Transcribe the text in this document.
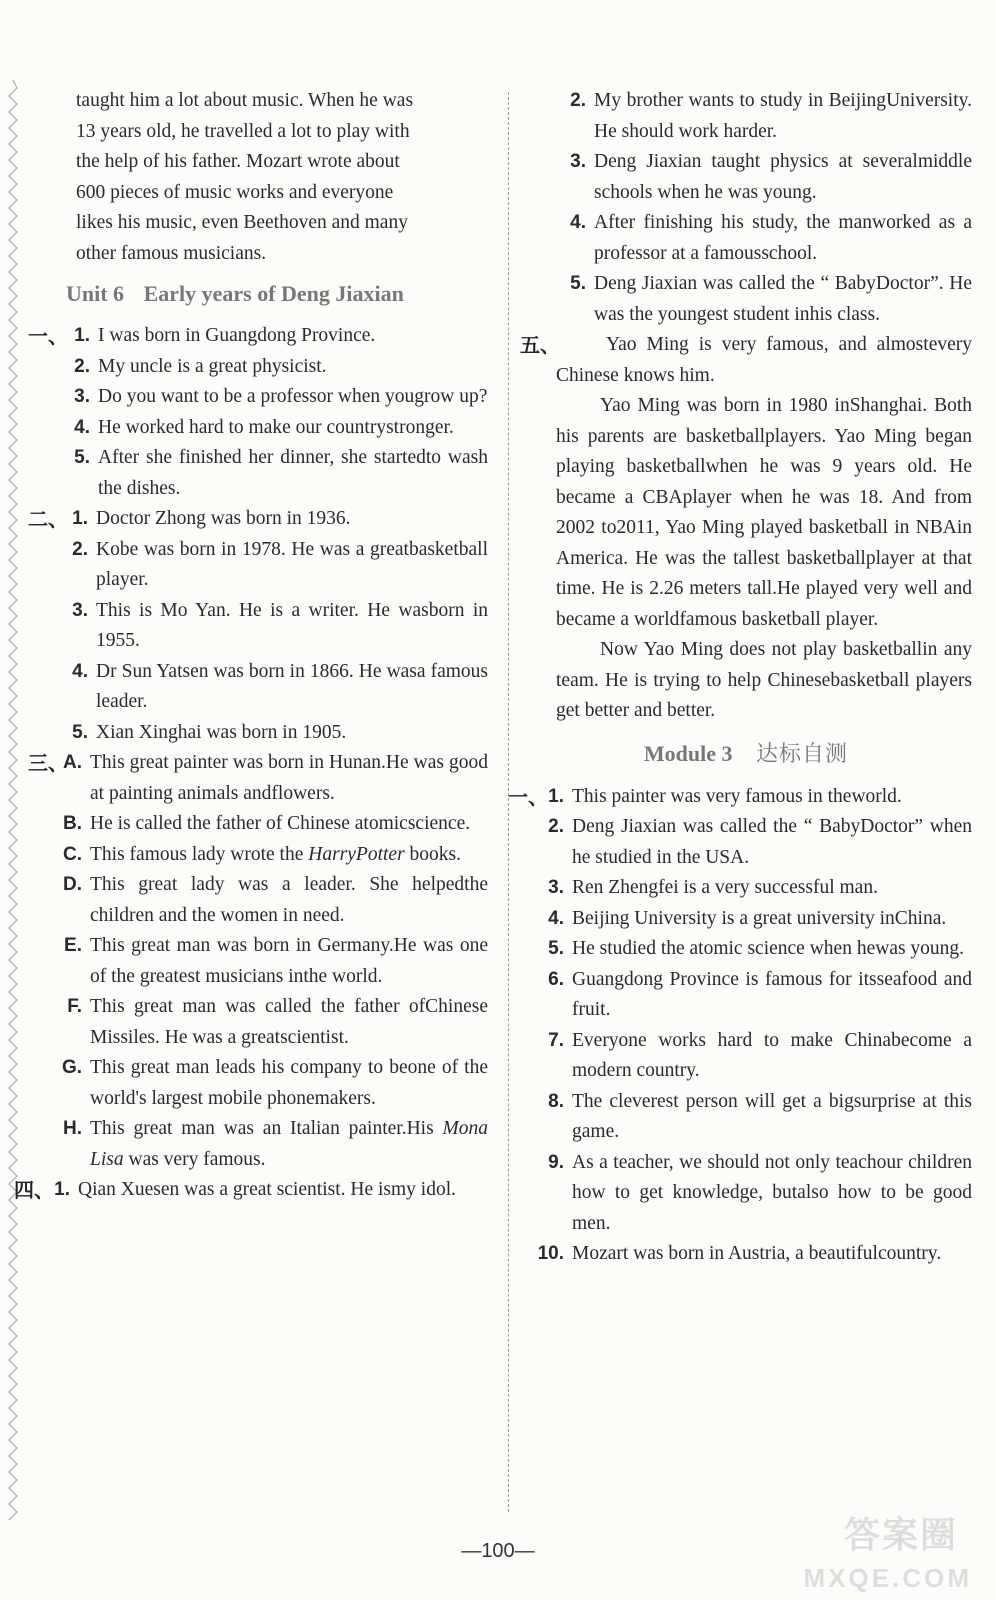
taught him a lot about music. When he was
13 years old, he travelled a lot to play with
the help of his father. Mozart wrote about
600 pieces of music works and everyone
likes his music, even Beethoven and many
other famous musicians.
Unit 6 Early years of Deng Jiaxian
一、 1. I was born in Guangdong Province.
2. My uncle is a great physicist.
3. Do you want to be a professor when yougrow up?
4. He worked hard to make our countrystronger.
5. After she finished her dinner, she startedto wash the dishes.
二、 1. Doctor Zhong was born in 1936.
2. Kobe was born in 1978. He was a greatbasketball player.
3. This is Mo Yan. He is a writer. He wasborn in 1955.
4. Dr Sun Yatsen was born in 1866. He wasa famous leader.
5. Xian Xinghai was born in 1905.
三、
A. This great painter was born in Hunan.He was good at painting animals andflowers.
B. He is called the father of Chinese atomicscience.
C. This famous lady wrote the HarryPotter books.
D. This great lady was a leader. She helpedthe children and the women in need.
E. This great man was born in Germany.He was one of the greatest musicians inthe world.
F. This great man was called the father ofChinese Missiles. He was a greatscientist.
G. This great man leads his company to beone of the world's largest mobile phonemakers.
H. This great man was an Italian painter.His Mona Lisa was very famous.
四、 1. Qian Xuesen was a great scientist. He ismy idol.
2. My brother wants to study in BeijingUniversity. He should work harder.
3. Deng Jiaxian taught physics at severalmiddle schools when he was young.
4. After finishing his study, the manworked as a professor at a famousschool.
5. Deng Jiaxian was called the “ BabyDoctor”. He was the youngest student inhis class.
五、	Yao Ming is very famous, and almostevery Chinese knows him.
Yao Ming was born in 1980 inShanghai. Both his parents are basketballplayers. Yao Ming began playing basketballwhen he was 9 years old. He became a CBAplayer when he was 18. And from 2002 to2011, Yao Ming played basketball in NBAin America. He was the tallest basketballplayer at that time. He is 2.26 meters tall.He played very well and became a worldfamous basketball player.
Now Yao Ming does not play basketballin any team. He is trying to help Chinesebasketball players get better and better.
Module 3 达标自测
一、 1. This painter was very famous in theworld.
2. Deng Jiaxian was called the “ BabyDoctor” when he studied in the USA.
3. Ren Zhengfei is a very successful man.
4. Beijing University is a great university inChina.
5. He studied the atomic science when hewas young.
6. Guangdong Province is famous for itsseafood and fruit.
7. Everyone works hard to make Chinabecome a modern country.
8. The cleverest person will get a bigsurprise at this game.
9. As a teacher, we should not only teachour children how to get knowledge, butalso how to be good men.
10. Mozart was born in Austria, a beautifulcountry.
—100—	答案圈
MXQE.COM
